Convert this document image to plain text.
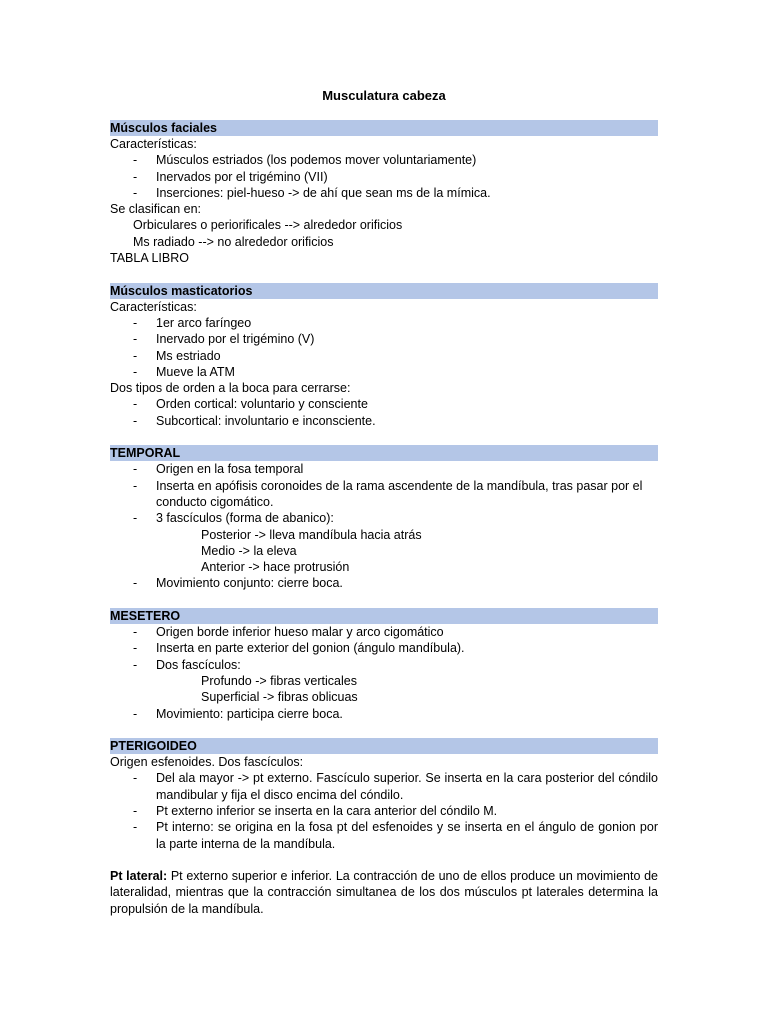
Musculatura cabeza
Músculos faciales
Características:
- Músculos estriados (los podemos mover voluntariamente)
- Inervados por el trigémino (VII)
- Inserciones: piel-hueso -> de ahí que sean ms de la mímica.
Se clasifican en:
Orbiculares o periorificales --> alrededor orificios
Ms radiado --> no alrededor orificios
TABLA LIBRO
Músculos masticatorios
Características:
- 1er arco faríngeo
- Inervado por el trigémino (V)
- Ms estriado
- Mueve la ATM
Dos tipos de orden a la boca para cerrarse:
- Orden cortical: voluntario y consciente
- Subcortical: involuntario e inconsciente.
TEMPORAL
- Origen en la fosa temporal
- Inserta en apófisis coronoides de la rama ascendente de la mandíbula, tras pasar por el conducto cigomático.
- 3 fascículos (forma de abanico):
Posterior -> lleva mandíbula hacia atrás
Medio -> la eleva
Anterior -> hace protrusión
- Movimiento conjunto: cierre boca.
MESETERO
- Origen borde inferior hueso malar y arco cigomático
- Inserta en parte exterior del gonion (ángulo mandíbula).
- Dos fascículos:
Profundo -> fibras verticales
Superficial -> fibras oblicuas
- Movimiento: participa cierre boca.
PTERIGOIDEO
Origen esfenoides. Dos fascículos:
- Del ala mayor -> pt externo. Fascículo superior. Se inserta en la cara posterior del cóndilo mandibular y fija el disco encima del cóndilo.
- Pt externo inferior se inserta en la cara anterior del cóndilo M.
- Pt interno: se origina en la fosa pt del esfenoides y se inserta en el ángulo de gonion por la parte interna de la mandíbula.
Pt lateral: Pt externo superior e inferior. La contracción de uno de ellos produce un movimiento de lateralidad, mientras que la contracción simultanea de los dos músculos pt laterales determina la propulsión de la mandíbula.
